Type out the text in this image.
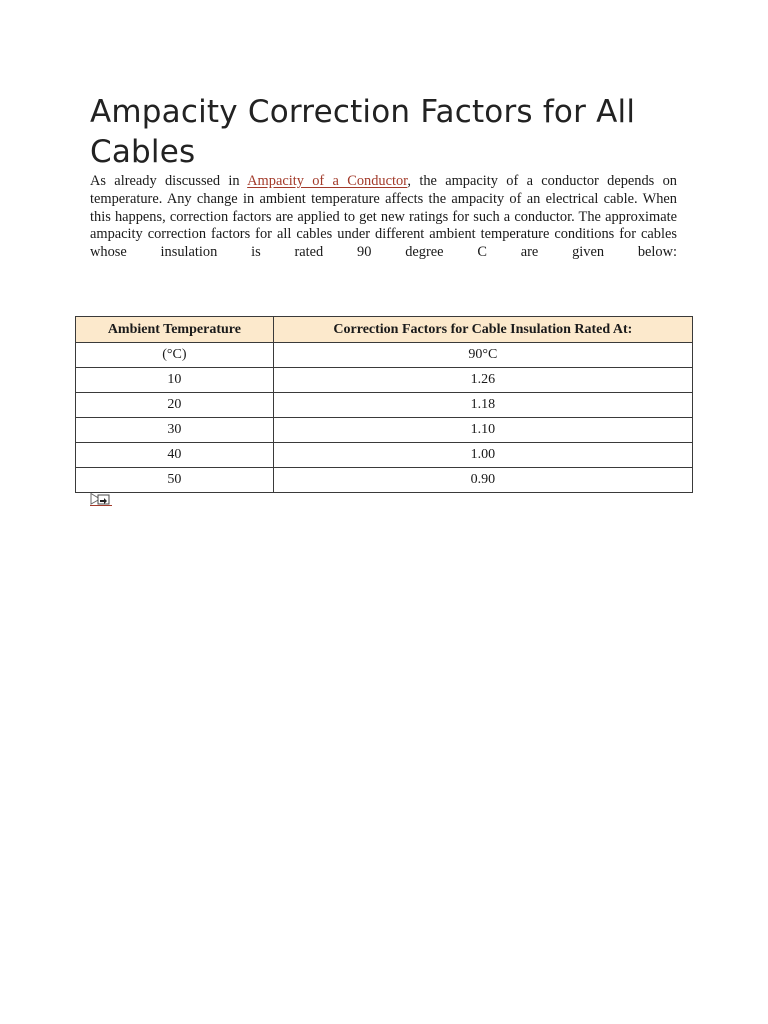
Ampacity Correction Factors for All Cables

As already discussed in Ampacity of a Conductor, the ampacity of a conductor depends on temperature. Any change in ambient temperature affects the ampacity of an electrical cable. When this happens, correction factors are applied to get new ratings for such a conductor. The approximate ampacity correction factors for all cables under different ambient temperature conditions for cables whose insulation is rated 90 degree C are given below:

Ambient Temperature	Correction Factors for Cable Insulation Rated At:
(°C)	90°C
10	1.26
20	1.18
30	1.10
40	1.00
50	0.90
